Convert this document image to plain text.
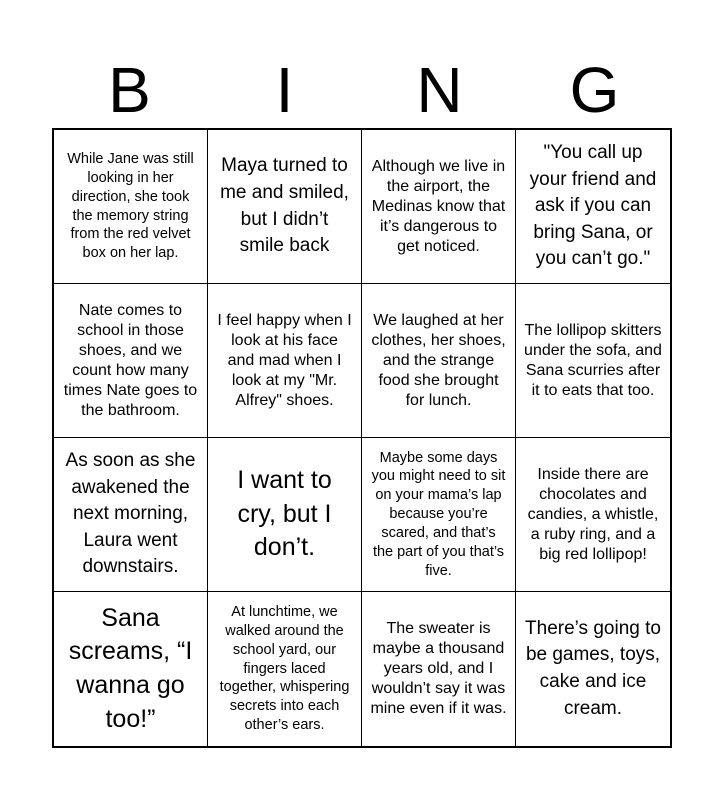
B	I	N	G
While Jane was still looking in her direction, she took the memory string from the red velvet box on her lap.
Maya turned to me and smiled, but I didn’t smile back
Although we live in the airport, the Medinas know that it’s dangerous to get noticed.
"You call up your friend and ask if you can bring Sana, or you can’t go."
Nate comes to school in those shoes, and we count how many times Nate goes to the bathroom.
I feel happy when I look at his face and mad when I look at my "Mr. Alfrey" shoes.
We laughed at her clothes, her shoes, and the strange food she brought for lunch.
The lollipop skitters under the sofa, and Sana scurries after it to eats that too.
As soon as she awakened the next morning, Laura went downstairs.
I want to cry, but I don’t.
Maybe some days you might need to sit on your mama’s lap because you’re scared, and that’s the part of you that’s five.
Inside there are chocolates and candies, a whistle, a ruby ring, and a big red lollipop!
Sana screams, “I wanna go too!”
At lunchtime, we walked around the school yard, our fingers laced together, whispering secrets into each other’s ears.
The sweater is maybe a thousand years old, and I wouldn’t say it was mine even if it was.
There’s going to be games, toys, cake and ice cream.
